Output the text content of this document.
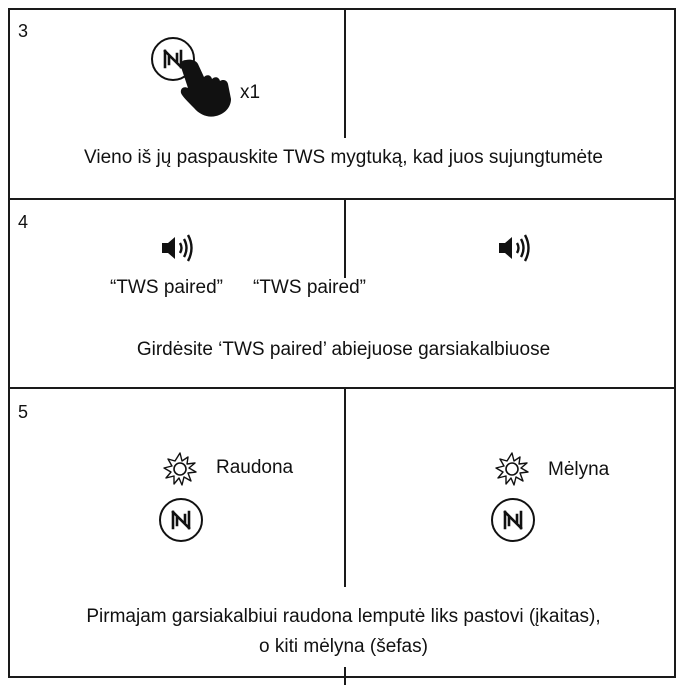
3
x1
Vieno iš jų paspauskite TWS mygtuką, kad juos sujungtumėte
4
“TWS paired” “TWS paired”
Girdėsite ‘TWS paired’ abiejuose garsiakalbiuose
5
Raudona	Mėlyna
Pirmajam garsiakalbiui raudona lemputė liks pastovi (įkaitas),
o kiti mėlyna (šefas)
